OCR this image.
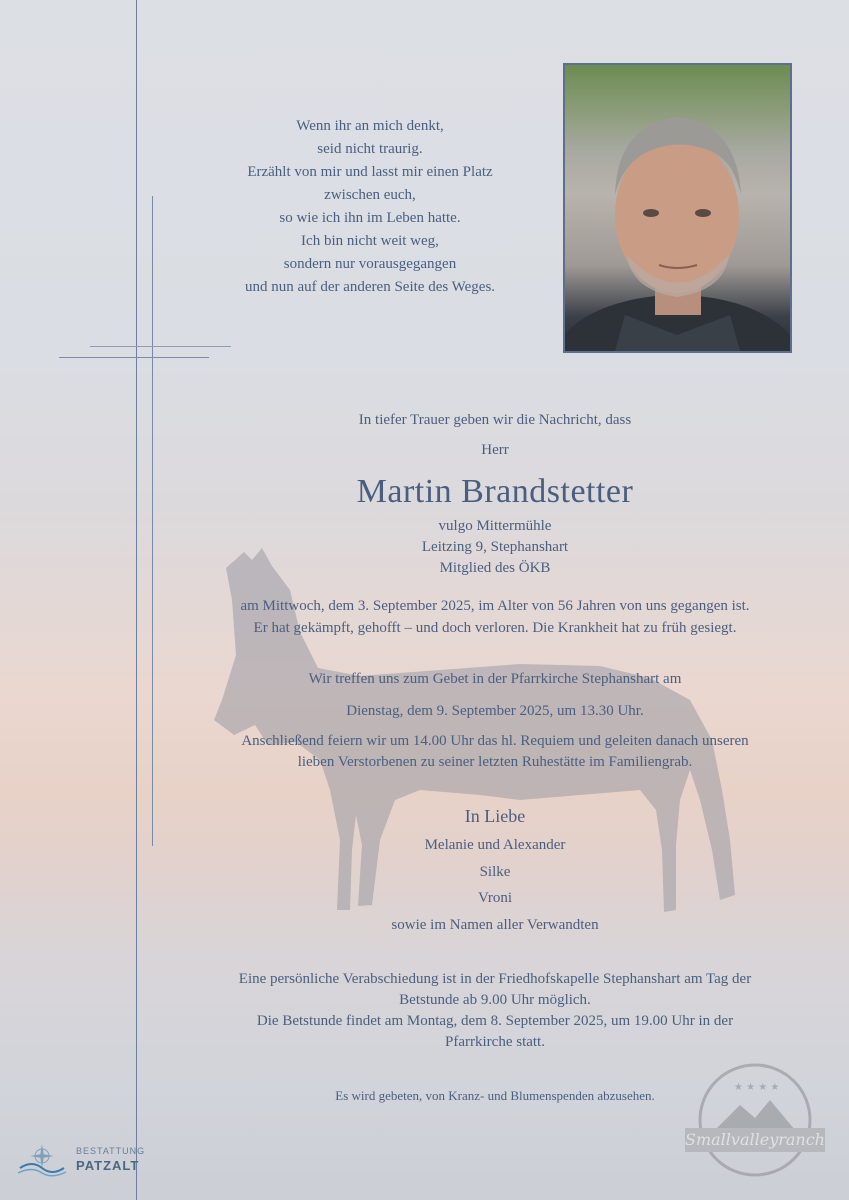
Wenn ihr an mich denkt,
seid nicht traurig.
Erzählt von mir und lasst mir einen Platz
zwischen euch,
so wie ich ihn im Leben hatte.
Ich bin nicht weit weg,
sondern nur vorausgegangen
und nun auf der anderen Seite des Weges.
In tiefer Trauer geben wir die Nachricht, dass
Herr
Martin Brandstetter
vulgo Mittermühle
Leitzing 9, Stephanshart
Mitglied des ÖKB
am Mittwoch, dem 3. September 2025, im Alter von 56 Jahren von uns gegangen ist.
Er hat gekämpft, gehofft – und doch verloren. Die Krankheit hat zu früh gesiegt.
Wir treffen uns zum Gebet in der Pfarrkirche Stephanshart am
Dienstag, dem 9. September 2025, um 13.30 Uhr.
Anschließend feiern wir um 14.00 Uhr das hl. Requiem und geleiten danach unseren
lieben Verstorbenen zu seiner letzten Ruhestätte im Familiengrab.
In Liebe
Melanie und Alexander
Silke
Vroni
sowie im Namen aller Verwandten
Eine persönliche Verabschiedung ist in der Friedhofskapelle Stephanshart am Tag der
Betstunde ab 9.00 Uhr möglich.
Die Betstunde findet am Montag, dem 8. September 2025, um 19.00 Uhr in der
Pfarrkirche statt.
Es wird gebeten, von Kranz- und Blumenspenden abzusehen.
BESTATTUNG
PATZALT
★ ★ ★ ★
Smallvalleyranch
